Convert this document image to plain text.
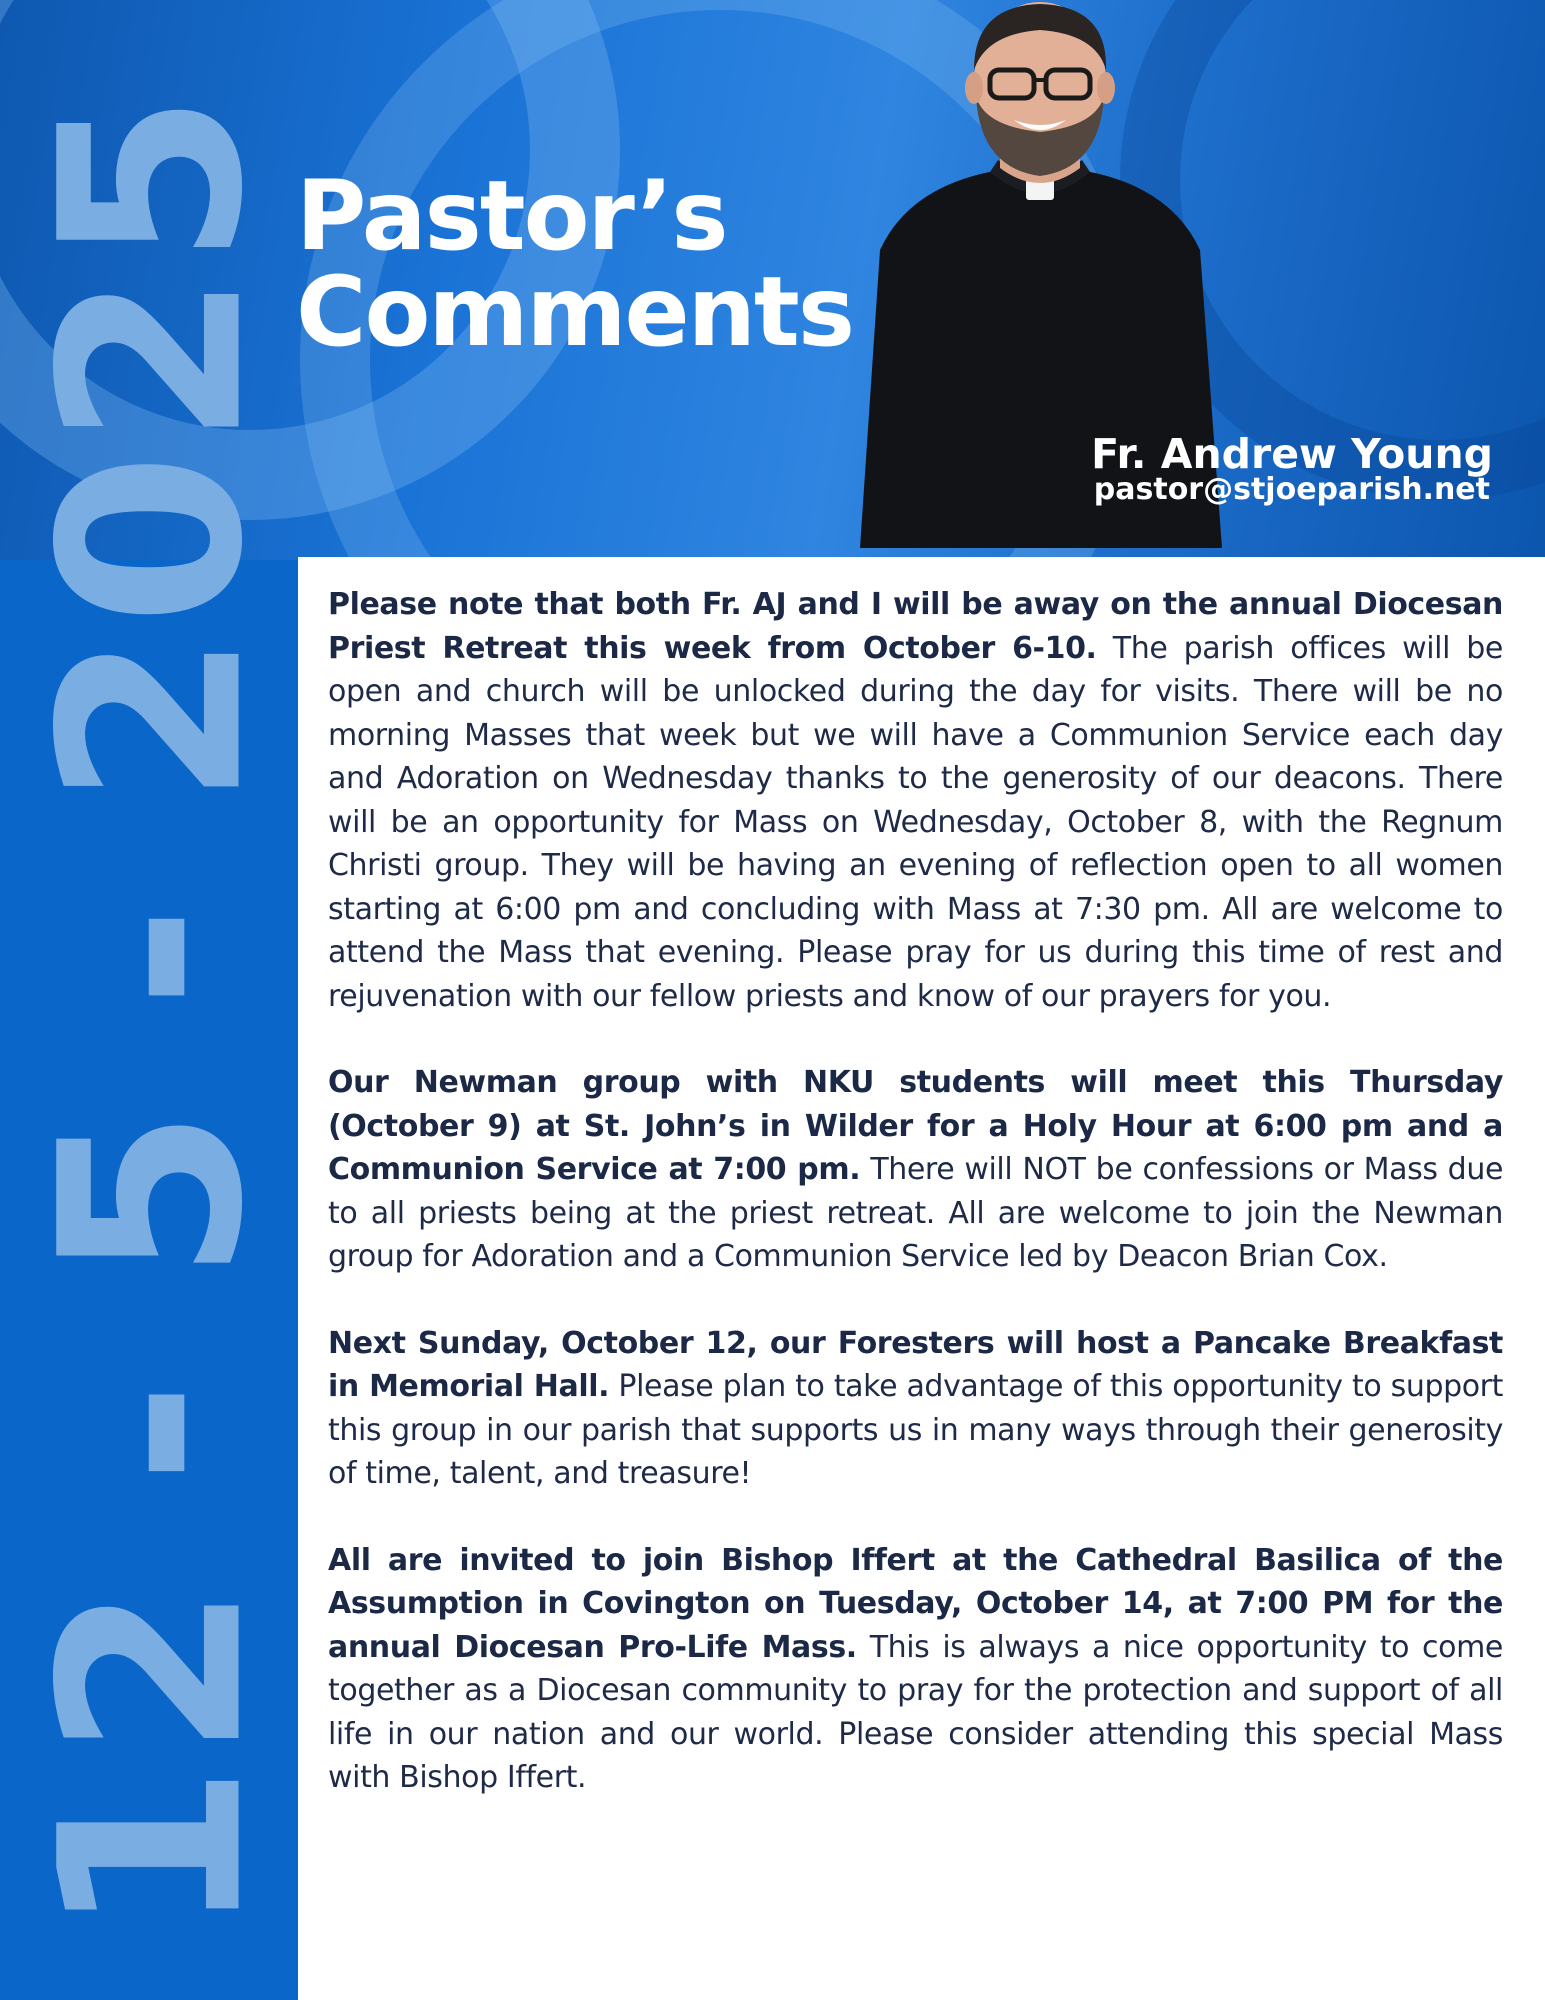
12 - 5 - 2025
Pastor’s
Comments
Fr. Andrew Young
pastor@stjoeparish.net

Please note that both Fr. AJ and I will be away on the annual Diocesan Priest Retreat this week from October 6-10. The parish offices will be open and church will be unlocked during the day for visits. There will be no morning Masses that week but we will have a Communion Service each day and Adoration on Wednesday thanks to the generosity of our deacons. There will be an opportunity for Mass on Wednesday, October 8, with the Regnum Christi group. They will be having an evening of reflection open to all women starting at 6:00 pm and concluding with Mass at 7:30 pm. All are welcome to attend the Mass that evening. Please pray for us during this time of rest and rejuvenation with our fellow priests and know of our prayers for you.

Our Newman group with NKU students will meet this Thursday (October 9) at St. John’s in Wilder for a Holy Hour at 6:00 pm and a Communion Service at 7:00 pm. There will NOT be confessions or Mass due to all priests being at the priest retreat. All are welcome to join the Newman group for Adoration and a Communion Service led by Deacon Brian Cox.

Next Sunday, October 12, our Foresters will host a Pancake Breakfast in Memorial Hall. Please plan to take advantage of this opportunity to support this group in our parish that supports us in many ways through their generosity of time, talent, and treasure!

All are invited to join Bishop Iffert at the Cathedral Basilica of the Assumption in Covington on Tuesday, October 14, at 7:00 PM for the annual Diocesan Pro-Life Mass. This is always a nice opportunity to come together as a Diocesan community to pray for the protection and support of all life in our nation and our world. Please consider attending this special Mass with Bishop Iffert.
